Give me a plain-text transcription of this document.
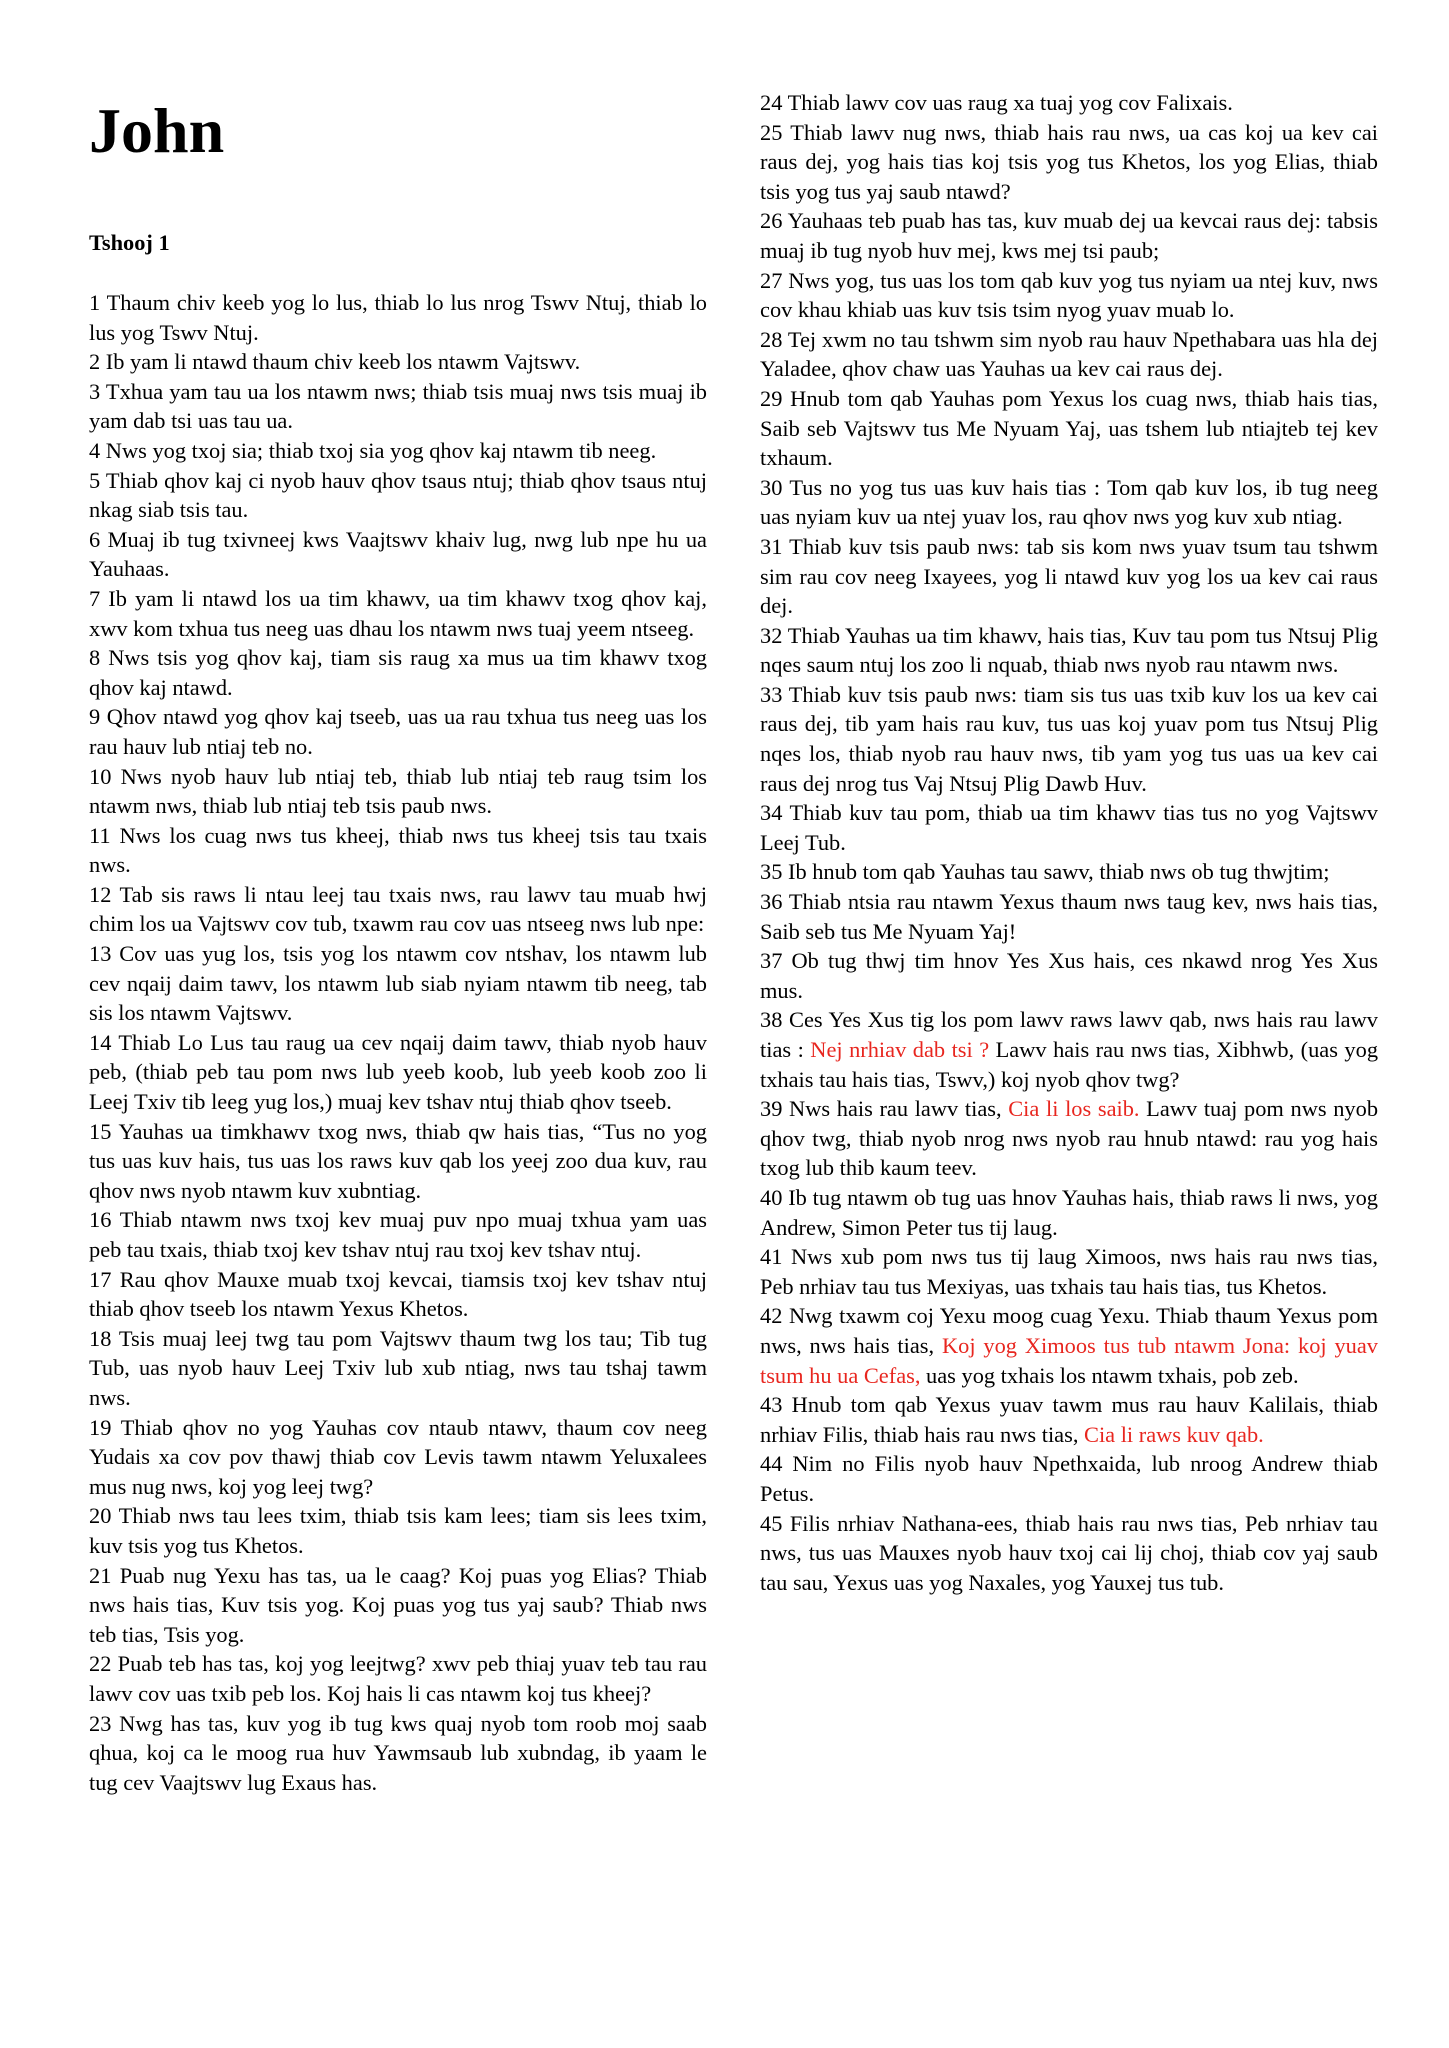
John
Tshooj 1

1 Thaum chiv keeb yog lo lus, thiab lo lus nrog Tswv Ntuj, thiab lo lus yog Tswv Ntuj.

2 Ib yam li ntawd thaum chiv keeb los ntawm Vajtswv.

3 Txhua yam tau ua los ntawm nws; thiab tsis muaj nws tsis muaj ib yam dab tsi uas tau ua.

4 Nws yog txoj sia; thiab txoj sia yog qhov kaj ntawm tib neeg.

5 Thiab qhov kaj ci nyob hauv qhov tsaus ntuj; thiab qhov tsaus ntuj nkag siab tsis tau.

6 Muaj ib tug txivneej kws Vaajtswv khaiv lug, nwg lub npe hu ua Yauhaas.

7 Ib yam li ntawd los ua tim khawv, ua tim khawv txog qhov kaj, xwv kom txhua tus neeg uas dhau los ntawm nws tuaj yeem ntseeg.

8 Nws tsis yog qhov kaj, tiam sis raug xa mus ua tim khawv txog qhov kaj ntawd.

9 Qhov ntawd yog qhov kaj tseeb, uas ua rau txhua tus neeg uas los rau hauv lub ntiaj teb no.

10 Nws nyob hauv lub ntiaj teb, thiab lub ntiaj teb raug tsim los ntawm nws, thiab lub ntiaj teb tsis paub nws.

11 Nws los cuag nws tus kheej, thiab nws tus kheej tsis tau txais nws.

12 Tab sis raws li ntau leej tau txais nws, rau lawv tau muab hwj chim los ua Vajtswv cov tub, txawm rau cov uas ntseeg nws lub npe:

13 Cov uas yug los, tsis yog los ntawm cov ntshav, los ntawm lub cev nqaij daim tawv, los ntawm lub siab nyiam ntawm tib neeg, tab sis los ntawm Vajtswv.

14 Thiab Lo Lus tau raug ua cev nqaij daim tawv, thiab nyob hauv peb, (thiab peb tau pom nws lub yeeb koob, lub yeeb koob zoo li Leej Txiv tib leeg yug los,) muaj kev tshav ntuj thiab qhov tseeb.

15 Yauhas ua timkhawv txog nws, thiab qw hais tias, “Tus no yog tus uas kuv hais, tus uas los raws kuv qab los yeej zoo dua kuv, rau qhov nws nyob ntawm kuv xubntiag.

16 Thiab ntawm nws txoj kev muaj puv npo muaj txhua yam uas peb tau txais, thiab txoj kev tshav ntuj rau txoj kev tshav ntuj.

17 Rau qhov Mauxe muab txoj kevcai, tiamsis txoj kev tshav ntuj thiab qhov tseeb los ntawm Yexus Khetos.

18 Tsis muaj leej twg tau pom Vajtswv thaum twg los tau; Tib tug Tub, uas nyob hauv Leej Txiv lub xub ntiag, nws tau tshaj tawm nws.

19 Thiab qhov no yog Yauhas cov ntaub ntawv, thaum cov neeg Yudais xa cov pov thawj thiab cov Levis tawm ntawm Yeluxalees mus nug nws, koj yog leej twg?

20 Thiab nws tau lees txim, thiab tsis kam lees; tiam sis lees txim, kuv tsis yog tus Khetos.

21 Puab nug Yexu has tas, ua le caag? Koj puas yog Elias? Thiab nws hais tias, Kuv tsis yog. Koj puas yog tus yaj saub? Thiab nws teb tias, Tsis yog.

22 Puab teb has tas, koj yog leejtwg? xwv peb thiaj yuav teb tau rau lawv cov uas txib peb los. Koj hais li cas ntawm koj tus kheej?

23 Nwg has tas, kuv yog ib tug kws quaj nyob tom roob moj saab qhua, koj ca le moog rua huv Yawmsaub lub xubndag, ib yaam le tug cev Vaajtswv lug Exaus has.

24 Thiab lawv cov uas raug xa tuaj yog cov Falixais.

25 Thiab lawv nug nws, thiab hais rau nws, ua cas koj ua kev cai raus dej, yog hais tias koj tsis yog tus Khetos, los yog Elias, thiab tsis yog tus yaj saub ntawd?

26 Yauhaas teb puab has tas, kuv muab dej ua kevcai raus dej: tabsis muaj ib tug nyob huv mej, kws mej tsi paub;

27 Nws yog, tus uas los tom qab kuv yog tus nyiam ua ntej kuv, nws cov khau khiab uas kuv tsis tsim nyog yuav muab lo.

28 Tej xwm no tau tshwm sim nyob rau hauv Npethabara uas hla dej Yaladee, qhov chaw uas Yauhas ua kev cai raus dej.

29 Hnub tom qab Yauhas pom Yexus los cuag nws, thiab hais tias, Saib seb Vajtswv tus Me Nyuam Yaj, uas tshem lub ntiajteb tej kev txhaum.

30 Tus no yog tus uas kuv hais tias : Tom qab kuv los, ib tug neeg uas nyiam kuv ua ntej yuav los, rau qhov nws yog kuv xub ntiag.

31 Thiab kuv tsis paub nws: tab sis kom nws yuav tsum tau tshwm sim rau cov neeg Ixayees, yog li ntawd kuv yog los ua kev cai raus dej.

32 Thiab Yauhas ua tim khawv, hais tias, Kuv tau pom tus Ntsuj Plig nqes saum ntuj los zoo li nquab, thiab nws nyob rau ntawm nws.

33 Thiab kuv tsis paub nws: tiam sis tus uas txib kuv los ua kev cai raus dej, tib yam hais rau kuv, tus uas koj yuav pom tus Ntsuj Plig nqes los, thiab nyob rau hauv nws, tib yam yog tus uas ua kev cai raus dej nrog tus Vaj Ntsuj Plig Dawb Huv.

34 Thiab kuv tau pom, thiab ua tim khawv tias tus no yog Vajtswv Leej Tub.

35 Ib hnub tom qab Yauhas tau sawv, thiab nws ob tug thwjtim;

36 Thiab ntsia rau ntawm Yexus thaum nws taug kev, nws hais tias, Saib seb tus Me Nyuam Yaj!

37 Ob tug thwj tim hnov Yes Xus hais, ces nkawd nrog Yes Xus mus.

38 Ces Yes Xus tig los pom lawv raws lawv qab, nws hais rau lawv tias : Nej nrhiav dab tsi ? Lawv hais rau nws tias, Xibhwb, (uas yog txhais tau hais tias, Tswv,) koj nyob qhov twg?

39 Nws hais rau lawv tias, Cia li los saib. Lawv tuaj pom nws nyob qhov twg, thiab nyob nrog nws nyob rau hnub ntawd: rau yog hais txog lub thib kaum teev.

40 Ib tug ntawm ob tug uas hnov Yauhas hais, thiab raws li nws, yog Andrew, Simon Peter tus tij laug.

41 Nws xub pom nws tus tij laug Ximoos, nws hais rau nws tias, Peb nrhiav tau tus Mexiyas, uas txhais tau hais tias, tus Khetos.

42 Nwg txawm coj Yexu moog cuag Yexu. Thiab thaum Yexus pom nws, nws hais tias, Koj yog Ximoos tus tub ntawm Jona: koj yuav tsum hu ua Cefas, uas yog txhais los ntawm txhais, pob zeb.

43 Hnub tom qab Yexus yuav tawm mus rau hauv Kalilais, thiab nrhiav Filis, thiab hais rau nws tias, Cia li raws kuv qab.

44 Nim no Filis nyob hauv Npethxaida, lub nroog Andrew thiab Petus.

45 Filis nrhiav Nathana-ees, thiab hais rau nws tias, Peb nrhiav tau nws, tus uas Mauxes nyob hauv txoj cai lij choj, thiab cov yaj saub tau sau, Yexus uas yog Naxales, yog Yauxej tus tub.
